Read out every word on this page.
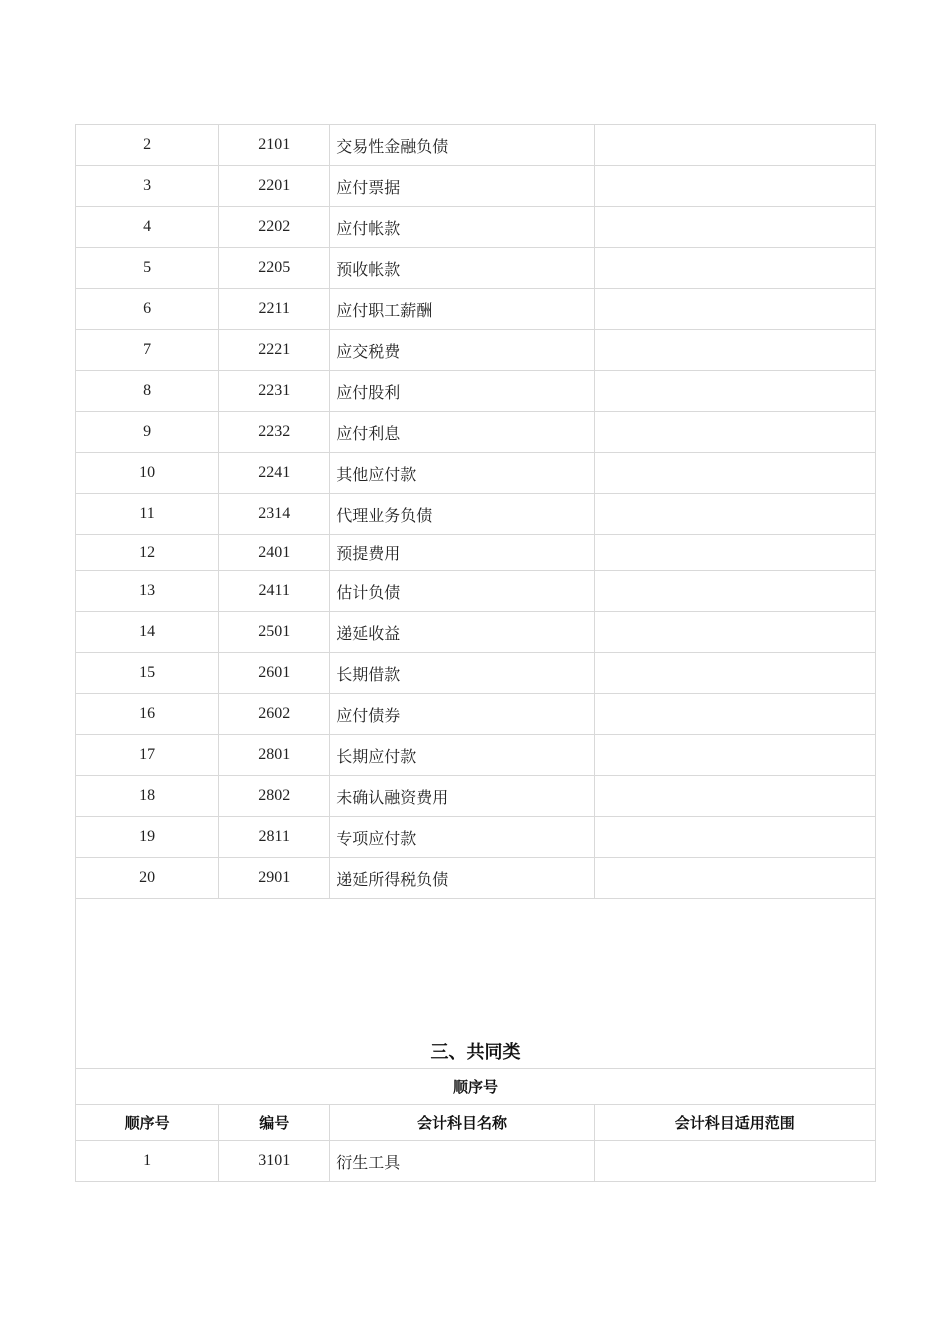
2	2101	交易性金融负债	
3	2201	应付票据	
4	2202	应付帐款	
5	2205	预收帐款	
6	2211	应付职工薪酬	
7	2221	应交税费	
8	2231	应付股利	
9	2232	应付利息	
10	2241	其他应付款	
11	2314	代理业务负债	
12	2401	预提费用	
13	2411	估计负债	
14	2501	递延收益	
15	2601	长期借款	
16	2602	应付债券	
17	2801	长期应付款	
18	2802	未确认融资费用	
19	2811	专项应付款	
20	2901	递延所得税负债	
三、共同类			
顺序号			
顺序号	编号	会计科目名称	会计科目适用范围
1	3101	衍生工具	
